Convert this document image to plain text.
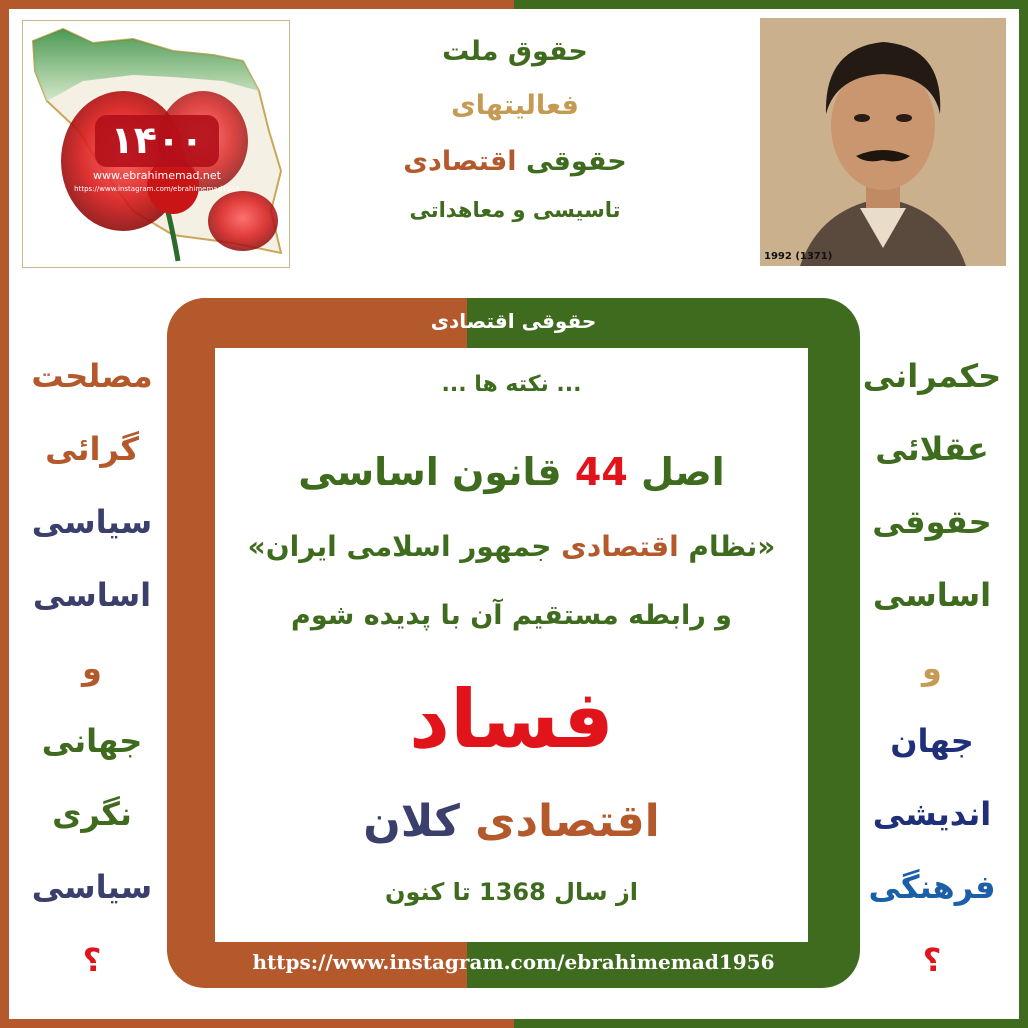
۱۴۰۰
www.ebrahimemad.net
https://www.instagram.com/ebrahimemad1956
حقوق ملت
فعالیتهای
حقوقی اقتصادی
تاسیسی و معاهداتی
1992 (1371)
مصلحت
گرائی
سیاسی
اساسی
و
جهانی
نگری
سیاسی
؟
حکمرانی
عقلائی
حقوقی
اساسی
و
جهان
اندیشی
فرهنگی
؟
حقوقی اقتصادی
... نکته ها ...
اصل 44 قانون اساسی
«نظام اقتصادی جمهور اسلامی ایران»
و رابطه مستقیم آن با پدیده شوم
فساد
اقتصادی کلان
از سال 1368 تا کنون
https://www.instagram.com/ebrahimemad1956
